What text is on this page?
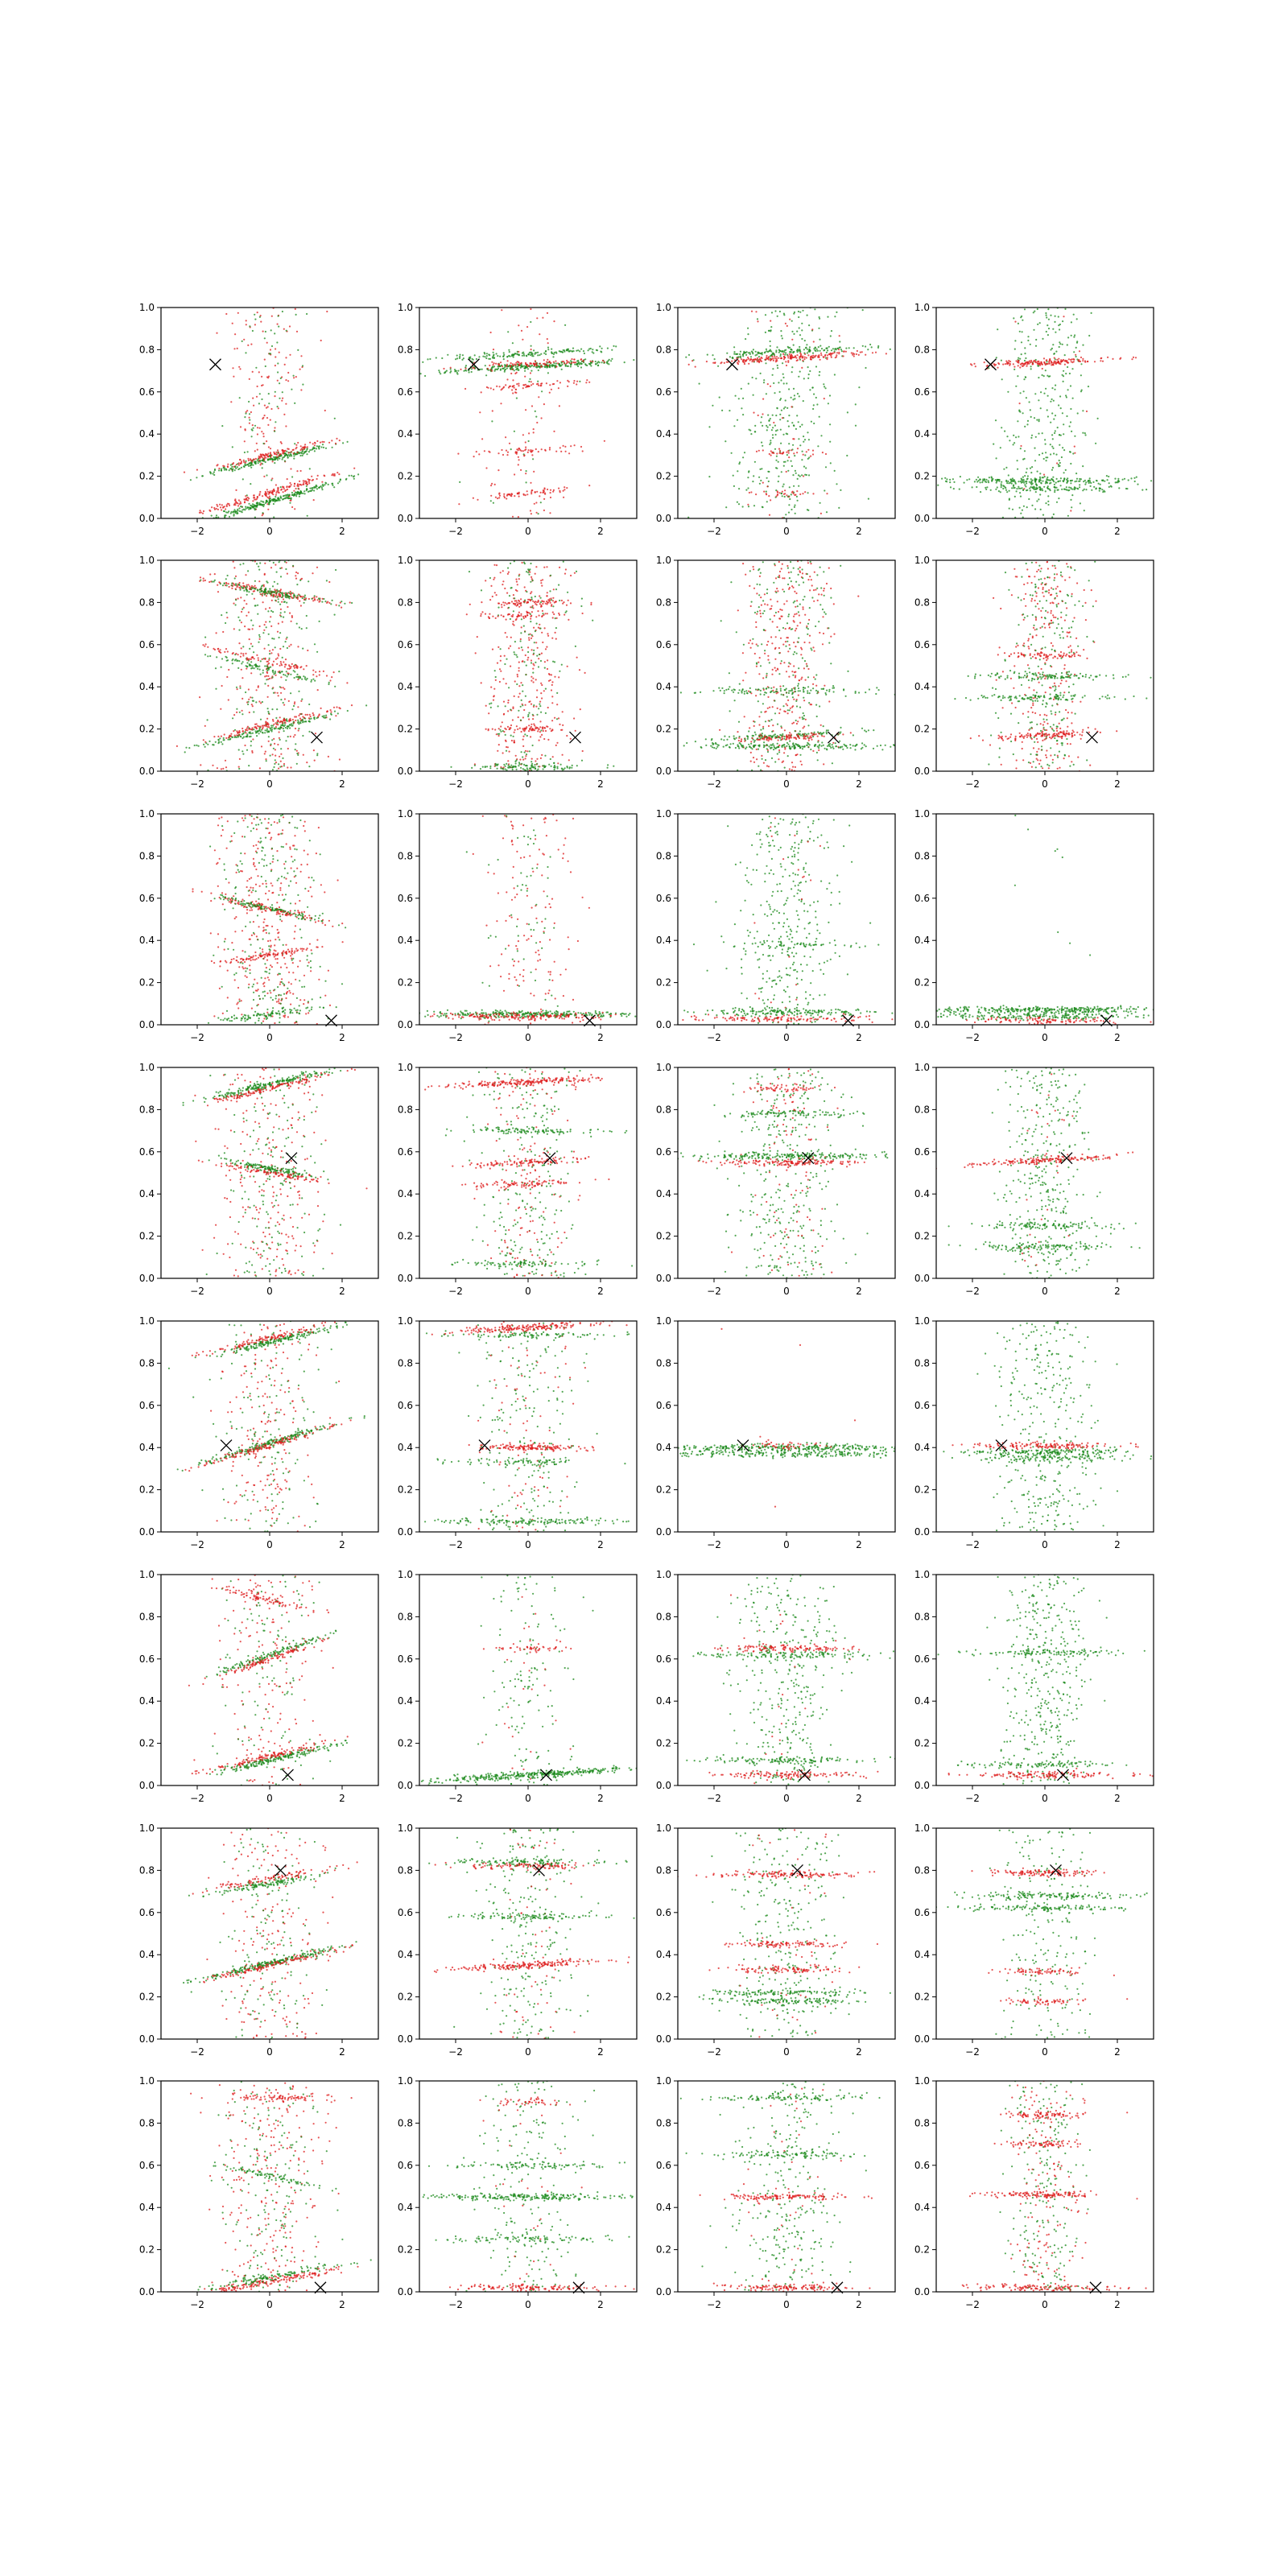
−2	0	2
0.0
0.2
0.4
0.6
0.8
1.0
−2	0	2
0.0
0.2
0.4
0.6
0.8
1.0
−2	0	2
0.0
0.2
0.4
0.6
0.8
1.0
−2	0	2
0.0
0.2
0.4
0.6
0.8
1.0
−2	0	2
0.0
0.2
0.4
0.6
0.8
1.0
−2	0	2
0.0
0.2
0.4
0.6
0.8
1.0
−2	0	2
0.0
0.2
0.4
0.6
0.8
1.0
−2	0	2
0.0
0.2
0.4
0.6
0.8
1.0
−2	0	2
0.0
0.2
0.4
0.6
0.8
1.0
−2	0	2
0.0
0.2
0.4
0.6
0.8
1.0
−2	0	2
0.0
0.2
0.4
0.6
0.8
1.0
−2	0	2
0.0
0.2
0.4
0.6
0.8
1.0
−2	0	2
0.0
0.2
0.4
0.6
0.8
1.0
−2	0	2
0.0
0.2
0.4
0.6
0.8
1.0
−2	0	2
0.0
0.2
0.4
0.6
0.8
1.0
−2	0	2
0.0
0.2
0.4
0.6
0.8
1.0
−2	0	2
0.0
0.2
0.4
0.6
0.8
1.0
−2	0	2
0.0
0.2
0.4
0.6
0.8
1.0
−2	0	2
0.0
0.2
0.4
0.6
0.8
1.0
−2	0	2
0.0
0.2
0.4
0.6
0.8
1.0
−2	0	2
0.0
0.2
0.4
0.6
0.8
1.0
−2	0	2
0.0
0.2
0.4
0.6
0.8
1.0
−2	0	2
0.0
0.2
0.4
0.6
0.8
1.0
−2	0	2
0.0
0.2
0.4
0.6
0.8
1.0
−2	0	2
0.0
0.2
0.4
0.6
0.8
1.0
−2	0	2
0.0
0.2
0.4
0.6
0.8
1.0
−2	0	2
0.0
0.2
0.4
0.6
0.8
1.0
−2	0	2
0.0
0.2
0.4
0.6
0.8
1.0
−2	0	2
0.0
0.2
0.4
0.6
0.8
1.0
−2	0	2
0.0
0.2
0.4
0.6
0.8
1.0
−2	0	2
0.0
0.2
0.4
0.6
0.8
1.0
−2	0	2
0.0
0.2
0.4
0.6
0.8
1.0
